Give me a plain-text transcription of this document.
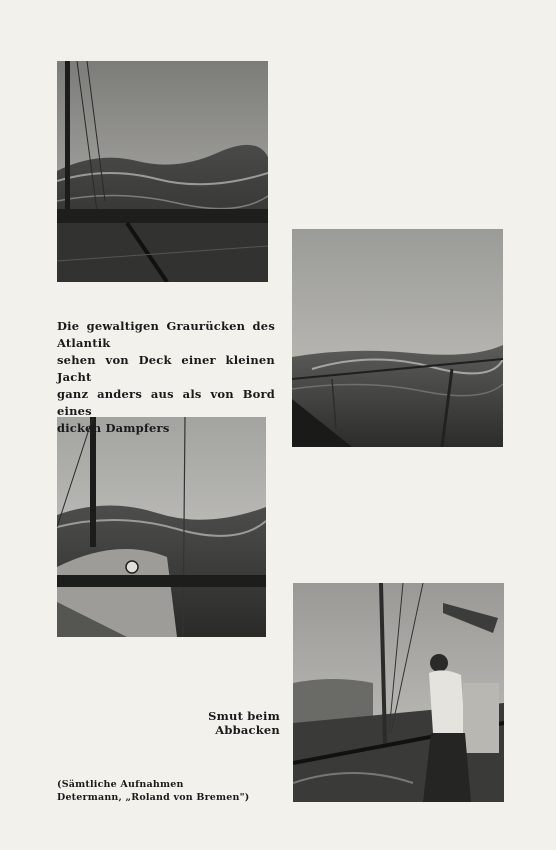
Die gewaltigen Graurücken des Atlantik
sehen von Deck einer kleinen Jacht
ganz anders aus als von Bord eines
dicken Dampfers
Smut beim Abbacken
(Sämtliche Aufnahmen
Determann, „Roland von Bremen")
